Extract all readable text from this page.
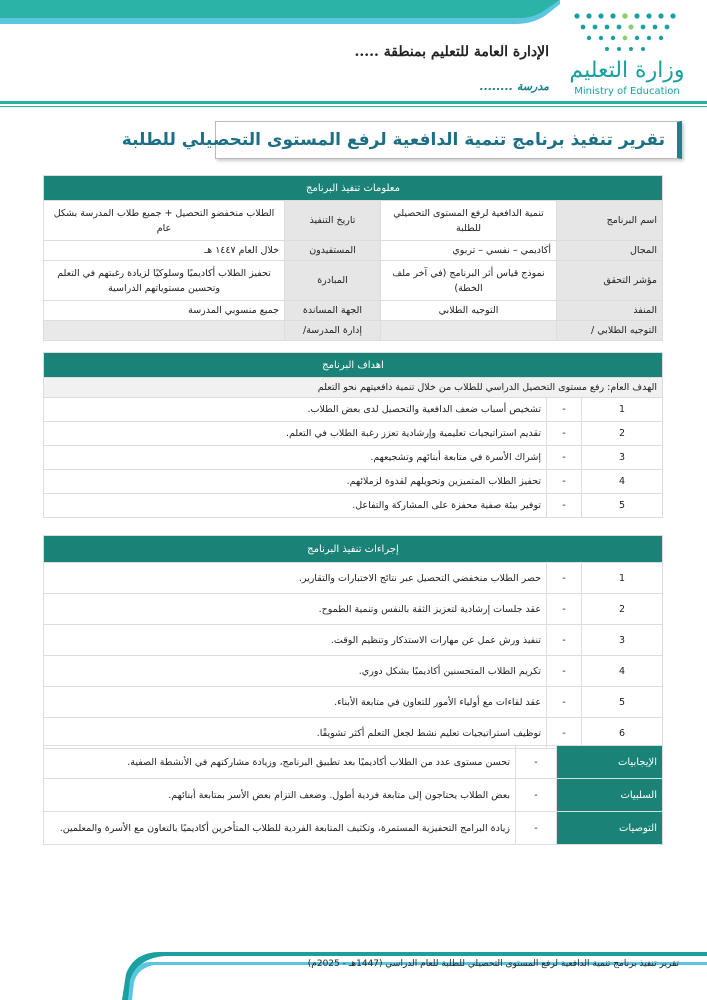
وزارة التعليم
Ministry of Education
الإدارة العامة للتعليم بمنطقة .....
مدرسة ........
تقرير تنفيذ برنامج تنمية الدافعية لرفع المستوى التحصيلي للطلبة
معلومات تنفيذ البرنامج			
اسم البرنامج	تنمية الدافعية لرفع المستوى التحصيلي للطلبة	تاريخ التنفيذ	الطلاب منخفضو التحصيل + جميع طلاب المدرسة بشكل عام
المجال	أكاديمي – نفسي – تربوي	المستفيدون	خلال العام ١٤٤٧ هـ
مؤشر التحقق	نموذج قياس أثر البرنامج (في آخر ملف الخطة)	المبادرة	تحفيز الطلاب أكاديميًا وسلوكيًا لزيادة رغبتهم في التعلم وتحسين مستوياتهم الدراسية
المنفذ	التوجيه الطلابي	الجهة المساندة	جميع منسوبي المدرسة
التوجيه الطلابي /		إدارة المدرسة/	
اهداف البرنامج		
الهدف العام: رفع مستوى التحصيل الدراسي للطلاب من خلال تنمية دافعيتهم نحو التعلم		
1	-	تشخيص أسباب ضعف الدافعية والتحصيل لدى بعض الطلاب.
2	-	تقديم استراتيجيات تعليمية وإرشادية تعزز رغبة الطلاب في التعلم.
3	-	إشراك الأسرة في متابعة أبنائهم وتشجيعهم.
4	-	تحفيز الطلاب المتميزين وتحويلهم لقدوة لزملائهم.
5	-	توفير بيئة صفية محفزة على المشاركة والتفاعل.
إجراءات تنفيذ البرنامج		
1	-	حصر الطلاب منخفضي التحصيل عبر نتائج الاختبارات والتقارير.
2	-	عقد جلسات إرشادية لتعزيز الثقة بالنفس وتنمية الطموح.
3	-	تنفيذ ورش عمل عن مهارات الاستذكار وتنظيم الوقت.
4	-	تكريم الطلاب المتحسنين أكاديميًا بشكل دوري.
5	-	عقد لقاءات مع أولياء الأمور للتعاون في متابعة الأبناء.
6	-	توظيف استراتيجيات تعليم نشط لجعل التعلم أكثر تشويقًا.
الإيجابيات	-	تحسن مستوى عدد من الطلاب أكاديميًا بعد تطبيق البرنامج، وزيادة مشاركتهم في الأنشطة الصفية.
السلبيات	-	بعض الطلاب يحتاجون إلى متابعة فردية أطول. وضعف التزام بعض الأسر بمتابعة أبنائهم.
التوصيات	-	زيادة البرامج التحفيزية المستمرة، وتكثيف المتابعة الفردية للطلاب المتأخرين أكاديميًا بالتعاون مع الأسرة والمعلمين.
تقرير تنفيذ برنامج تنمية الدافعية لرفع المستوى التحصيلي للطلبة للعام الدراسي (1447هـ - 2025م)
